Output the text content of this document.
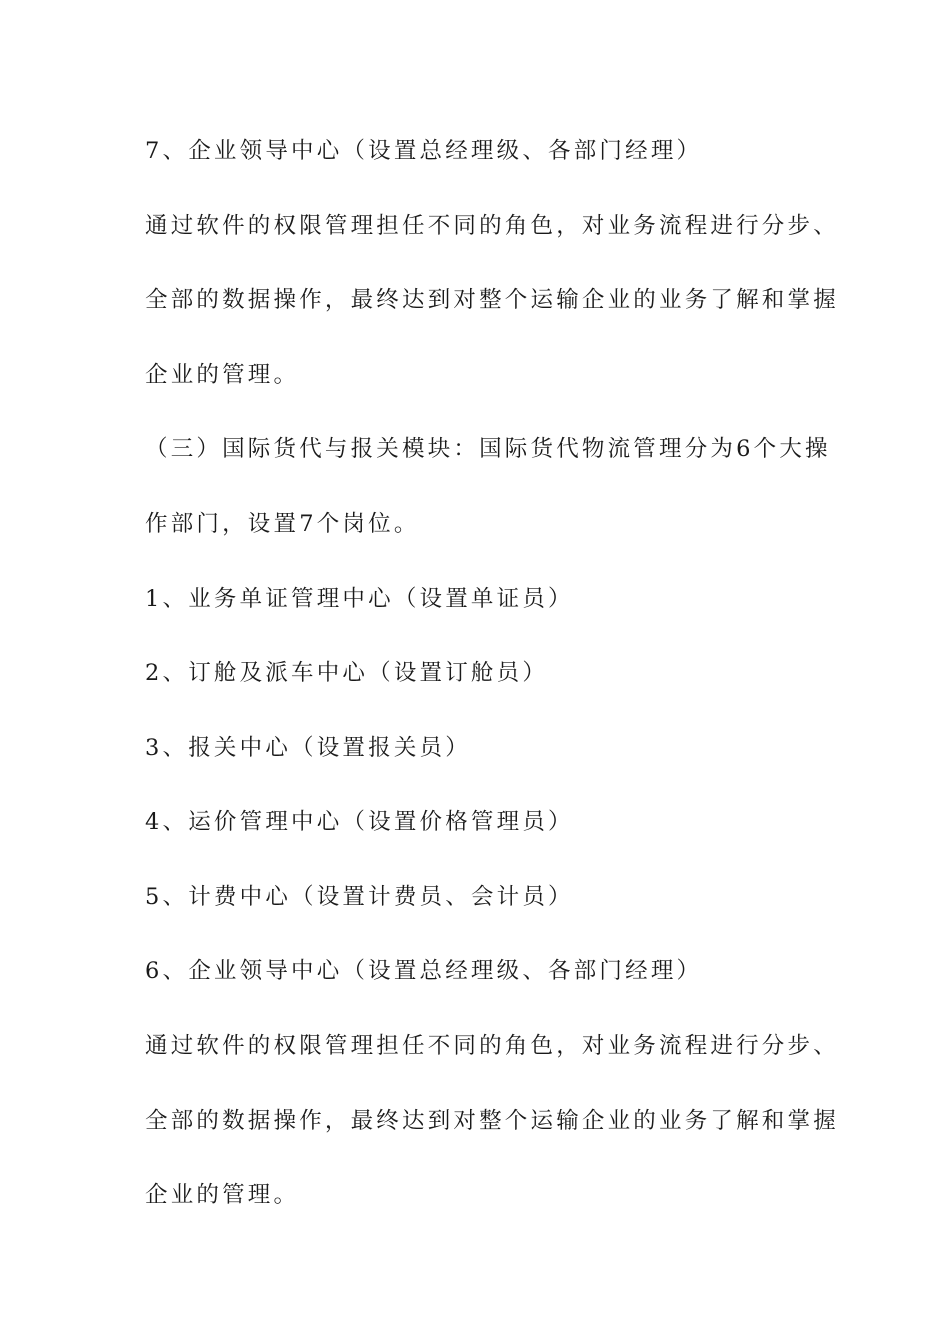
7、企业领导中心（设置总经理级、各部门经理）
通过软件的权限管理担任不同的角色，对业务流程进行分步、
全部的数据操作，最终达到对整个运输企业的业务了解和掌握
企业的管理。
（三）国际货代与报关模块：国际货代物流管理分为6个大操
作部门，设置7个岗位。
1、业务单证管理中心（设置单证员）
2、订舱及派车中心（设置订舱员）
3、报关中心（设置报关员）
4、运价管理中心（设置价格管理员）
5、计费中心（设置计费员、会计员）
6、企业领导中心（设置总经理级、各部门经理）
通过软件的权限管理担任不同的角色，对业务流程进行分步、
全部的数据操作，最终达到对整个运输企业的业务了解和掌握
企业的管理。
